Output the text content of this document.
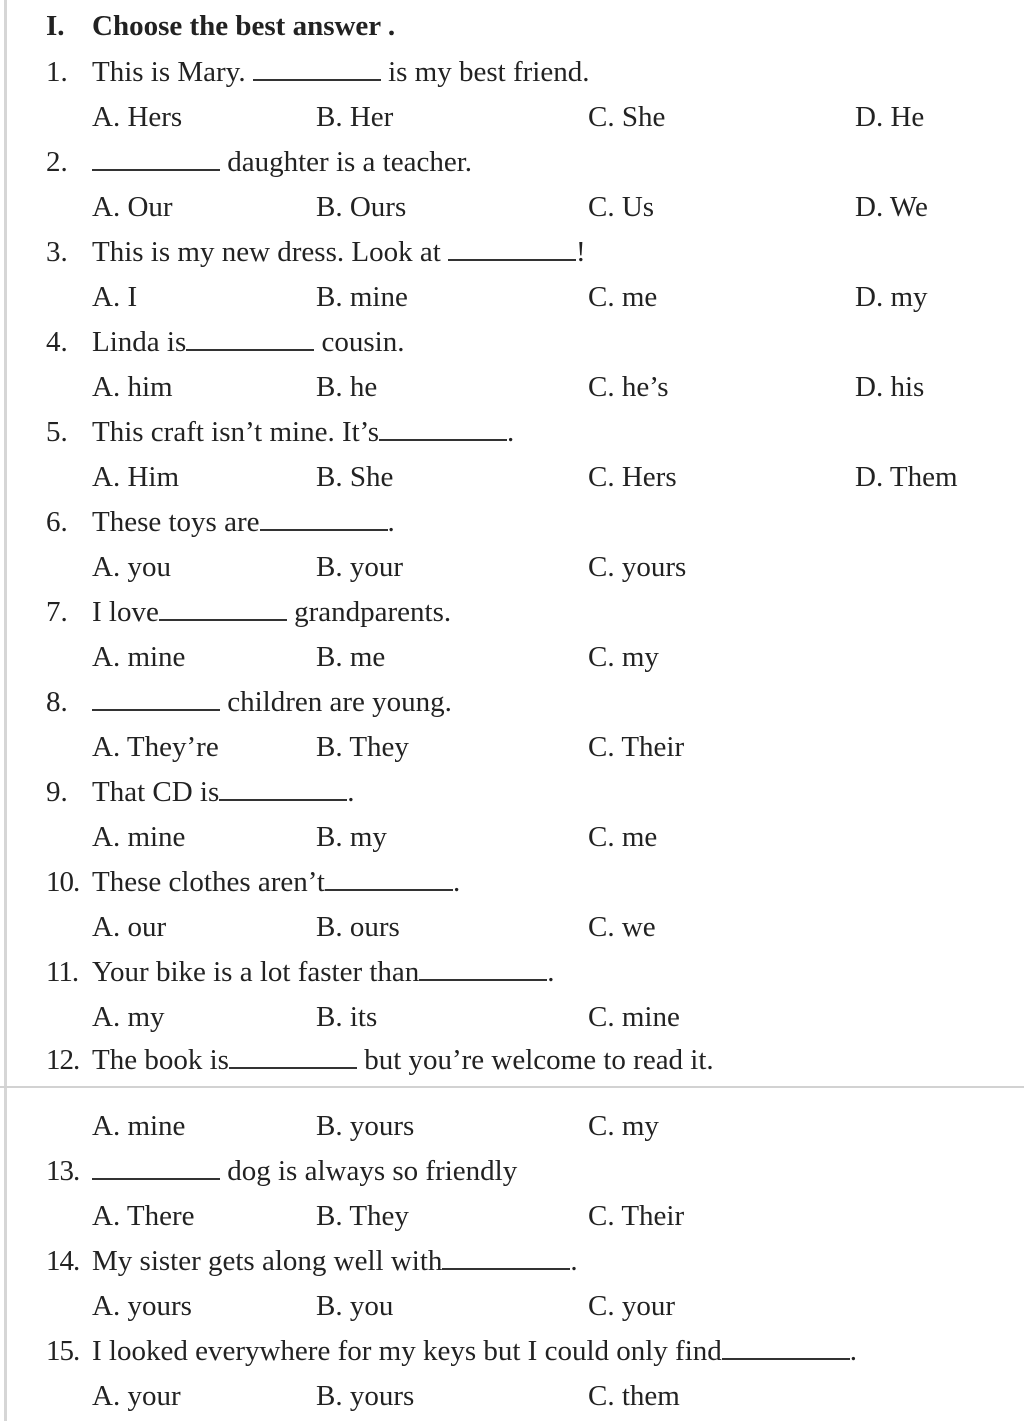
I. Choose the best answer .
1. This is Mary.	is my best friend.
A. Hers	B. Her	C. She	D. He
2.	daughter is a teacher.
A. Our	B. Ours	C. Us	D. We
3. This is my new dress. Look at	!
A. I	B. mine	C. me	D. my
4. Linda is	cousin.
A. him	B. he	C. he’s	D. his
5. This craft isn’t mine. It’s	.
A. Him	B. She	C. Hers	D. Them
6. These toys are	.
A. you	B. your	C. yours
7. I love	grandparents.
A. mine	B. me	C. my
8.	children are young.
A. They’re	B. They	C. Their
9. That CD is	.
A. mine	B. my	C. me
10. These clothes aren’t	.
A. our	B. ours	C. we
11. Your bike is a lot faster than	.
A. my	B. its	C. mine
12. The book is	but you’re welcome to read it.
A. mine	B. yours	C. my
13.	dog is always so friendly
A. There	B. They	C. Their
14. My sister gets along well with	.
A. yours	B. you	C. your
15. I looked everywhere for my keys but I could only find	.
A. your	B. yours	C. them
